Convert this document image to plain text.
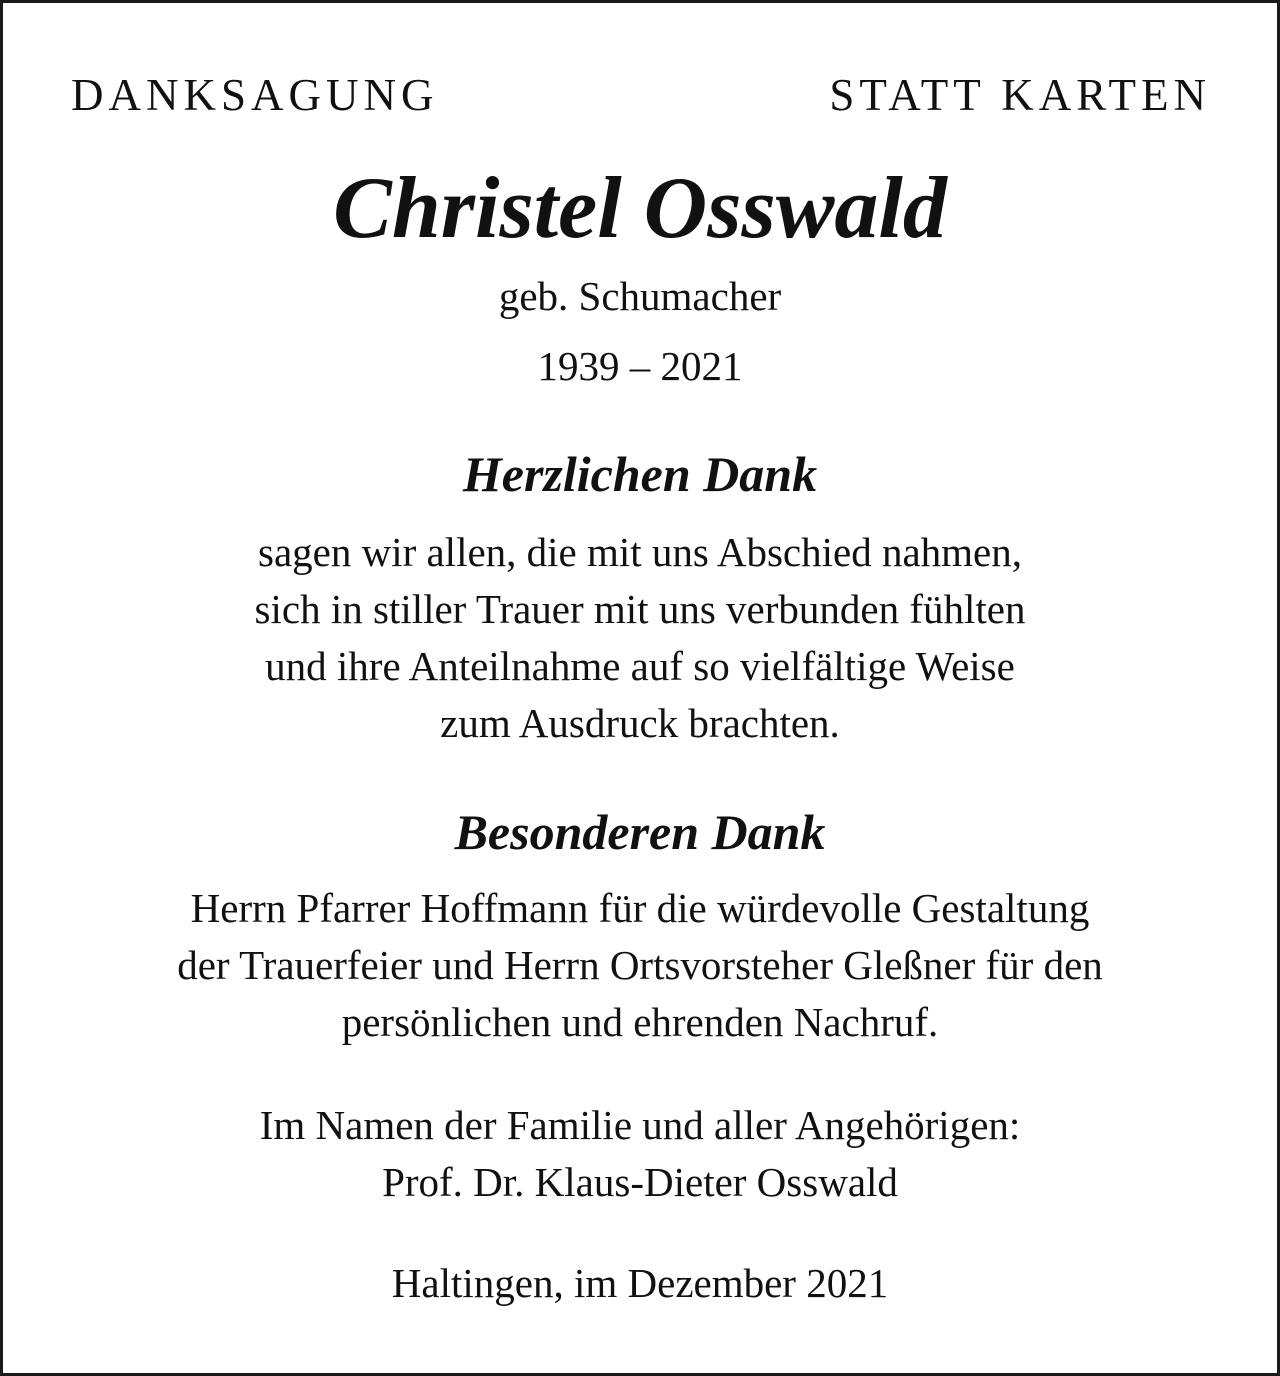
DANKSAGUNG	STATT KARTEN
Christel Osswald
geb. Schumacher
1939 – 2021
Herzlichen Dank
sagen wir allen, die mit uns Abschied nahmen,
sich in stiller Trauer mit uns verbunden fühlten
und ihre Anteilnahme auf so vielfältige Weise
zum Ausdruck brachten.
Besonderen Dank
Herrn Pfarrer Hoffmann für die würdevolle Gestaltung
der Trauerfeier und Herrn Ortsvorsteher Gleßner für den
persönlichen und ehrenden Nachruf.
Im Namen der Familie und aller Angehörigen:
Prof. Dr. Klaus-Dieter Osswald
Haltingen, im Dezember 2021
